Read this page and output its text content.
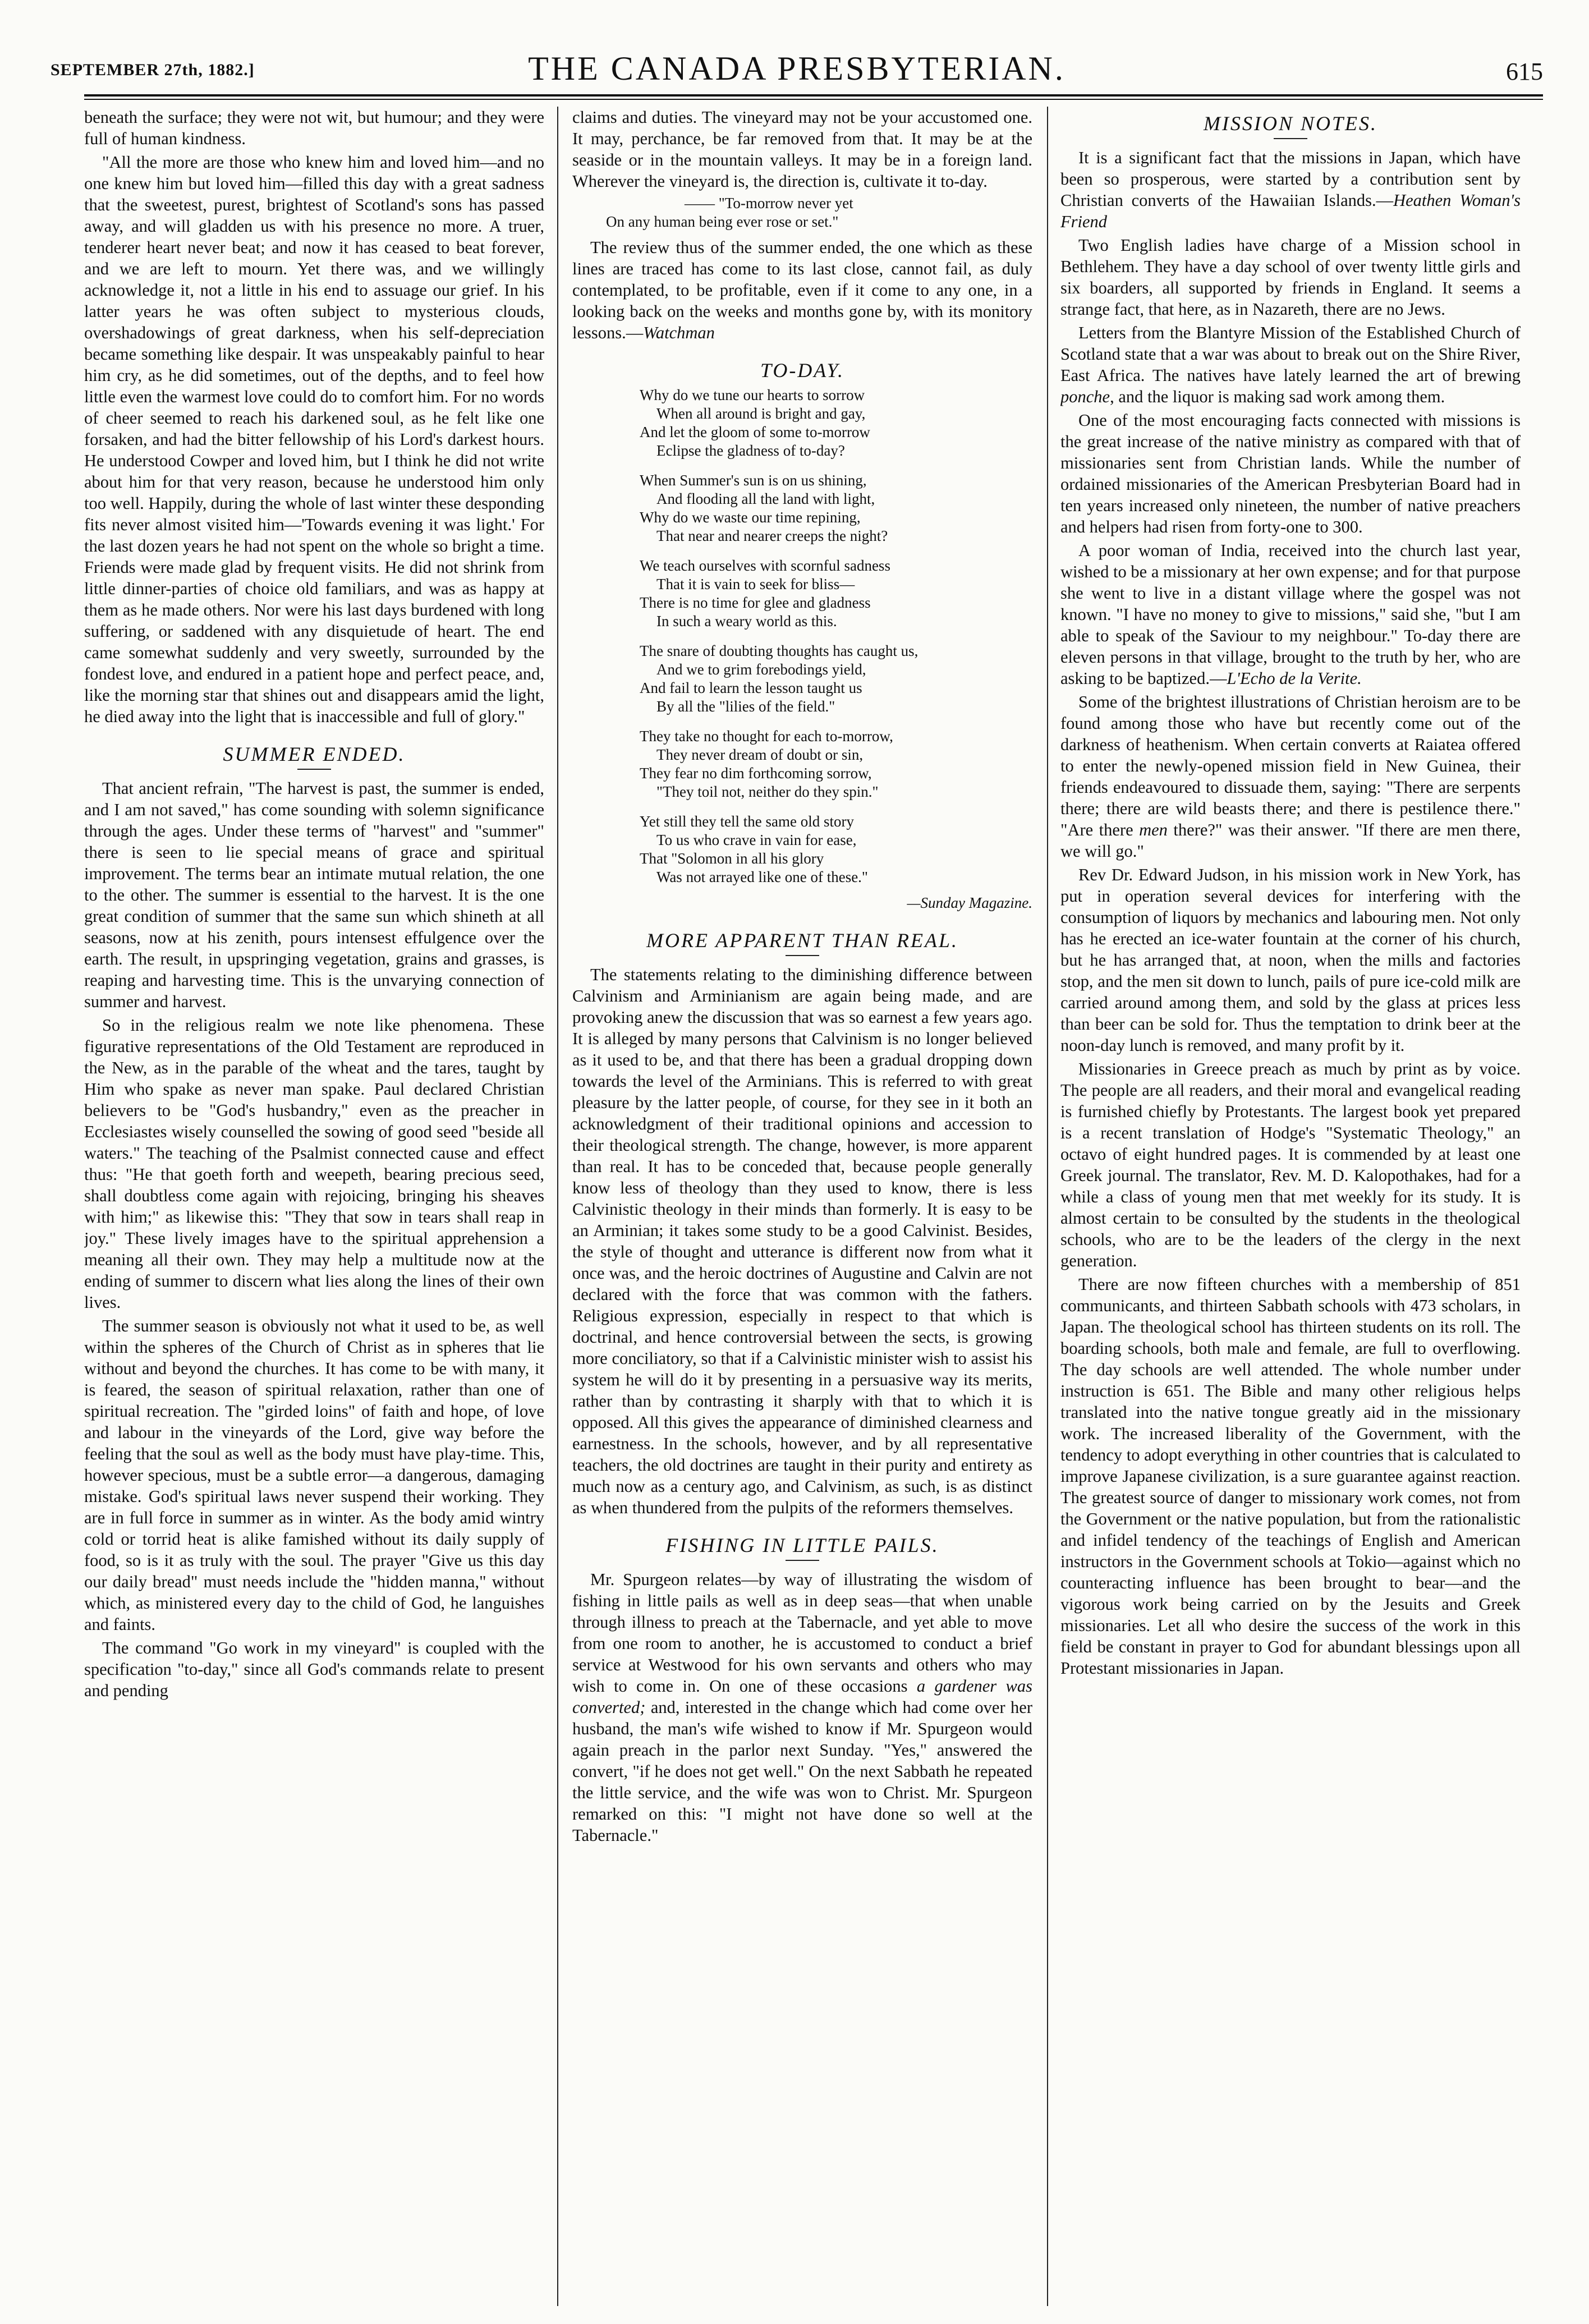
SEPTEMBER 27th, 1882.]	THE CANADA PRESBYTERIAN.	615

beneath the surface; they were not wit, but humour; and they were full of human kindness.

"All the more are those who knew him and loved him—and no one knew him but loved him—filled this day with a great sadness that the sweetest, purest, brightest of Scotland's sons has passed away, and will gladden us with his presence no more. A truer, tenderer heart never beat; and now it has ceased to beat forever, and we are left to mourn. Yet there was, and we willingly acknowledge it, not a little in his end to assuage our grief. In his latter years he was often subject to mysterious clouds, overshadowings of great darkness, when his self-depreciation became something like despair. It was unspeakably painful to hear him cry, as he did sometimes, out of the depths, and to feel how little even the warmest love could do to comfort him. For no words of cheer seemed to reach his darkened soul, as he felt like one forsaken, and had the bitter fellowship of his Lord's darkest hours. He understood Cowper and loved him, but I think he did not write about him for that very reason, because he understood him only too well. Happily, during the whole of last winter these desponding fits never almost visited him—'Towards evening it was light.' For the last dozen years he had not spent on the whole so bright a time. Friends were made glad by frequent visits. He did not shrink from little dinner-parties of choice old familiars, and was as happy at them as he made others. Nor were his last days burdened with long suffering, or saddened with any disquietude of heart. The end came somewhat suddenly and very sweetly, surrounded by the fondest love, and endured in a patient hope and perfect peace, and, like the morning star that shines out and disappears amid the light, he died away into the light that is inaccessible and full of glory."

SUMMER ENDED.

That ancient refrain, "The harvest is past, the summer is ended, and I am not saved," has come sounding with solemn significance through the ages. Under these terms of "harvest" and "summer" there is seen to lie special means of grace and spiritual improvement. The terms bear an intimate mutual relation, the one to the other. The summer is essential to the harvest. It is the one great condition of summer that the same sun which shineth at all seasons, now at his zenith, pours intensest effulgence over the earth. The result, in upspringing vegetation, grains and grasses, is reaping and harvesting time. This is the unvarying connection of summer and harvest.

So in the religious realm we note like phenomena. These figurative representations of the Old Testament are reproduced in the New, as in the parable of the wheat and the tares, taught by Him who spake as never man spake. Paul declared Christian believers to be "God's husbandry," even as the preacher in Ecclesiastes wisely counselled the sowing of good seed "beside all waters." The teaching of the Psalmist connected cause and effect thus: "He that goeth forth and weepeth, bearing precious seed, shall doubtless come again with rejoicing, bringing his sheaves with him;" as likewise this: "They that sow in tears shall reap in joy." These lively images have to the spiritual apprehension a meaning all their own. They may help a multitude now at the ending of summer to discern what lies along the lines of their own lives.

The summer season is obviously not what it used to be, as well within the spheres of the Church of Christ as in spheres that lie without and beyond the churches. It has come to be with many, it is feared, the season of spiritual relaxation, rather than one of spiritual recreation. The "girded loins" of faith and hope, of love and labour in the vineyards of the Lord, give way before the feeling that the soul as well as the body must have play-time. This, however specious, must be a subtle error—a dangerous, damaging mistake. God's spiritual laws never suspend their working. They are in full force in summer as in winter. As the body amid wintry cold or torrid heat is alike famished without its daily supply of food, so is it as truly with the soul. The prayer "Give us this day our daily bread" must needs include the "hidden manna," without which, as ministered every day to the child of God, he languishes and faints.

The command "Go work in my vineyard" is coupled with the specification "to-day," since all God's commands relate to present and pending

claims and duties. The vineyard may not be your accustomed one. It may, perchance, be far removed from that. It may be at the seaside or in the mountain valleys. It may be in a foreign land. Wherever the vineyard is, the direction is, cultivate it to-day.

—— "To-morrow never yet
On any human being ever rose or set."

The review thus of the summer ended, the one which as these lines are traced has come to its last close, cannot fail, as duly contemplated, to be profitable, even if it come to any one, in a looking back on the weeks and months gone by, with its monitory lessons.—Watchman

TO-DAY.
Why do we tune our hearts to sorrow
When all around is bright and gay,
And let the gloom of some to-morrow
Eclipse the gladness of to-day?
When Summer's sun is on us shining,
And flooding all the land with light,
Why do we waste our time repining,
That near and nearer creeps the night?
We teach ourselves with scornful sadness
That it is vain to seek for bliss—
There is no time for glee and gladness
In such a weary world as this.
The snare of doubting thoughts has caught us,
And we to grim forebodings yield,
And fail to learn the lesson taught us
By all the "lilies of the field."
They take no thought for each to-morrow,
They never dream of doubt or sin,
They fear no dim forthcoming sorrow,
"They toil not, neither do they spin."
Yet still they tell the same old story
To us who crave in vain for ease,
That "Solomon in all his glory
Was not arrayed like one of these."
—Sunday Magazine.
MORE APPARENT THAN REAL.

The statements relating to the diminishing difference between Calvinism and Arminianism are again being made, and are provoking anew the discussion that was so earnest a few years ago. It is alleged by many persons that Calvinism is no longer believed as it used to be, and that there has been a gradual dropping down towards the level of the Arminians. This is referred to with great pleasure by the latter people, of course, for they see in it both an acknowledgment of their traditional opinions and accession to their theological strength. The change, however, is more apparent than real. It has to be conceded that, because people generally know less of theology than they used to know, there is less Calvinistic theology in their minds than formerly. It is easy to be an Arminian; it takes some study to be a good Calvinist. Besides, the style of thought and utterance is different now from what it once was, and the heroic doctrines of Augustine and Calvin are not declared with the force that was common with the fathers. Religious expression, especially in respect to that which is doctrinal, and hence controversial between the sects, is growing more conciliatory, so that if a Calvinistic minister wish to assist his system he will do it by presenting in a persuasive way its merits, rather than by contrasting it sharply with that to which it is opposed. All this gives the appearance of diminished clearness and earnestness. In the schools, however, and by all representative teachers, the old doctrines are taught in their purity and entirety as much now as a century ago, and Calvinism, as such, is as distinct as when thundered from the pulpits of the reformers themselves.

FISHING IN LITTLE PAILS.

Mr. Spurgeon relates—by way of illustrating the wisdom of fishing in little pails as well as in deep seas—that when unable through illness to preach at the Tabernacle, and yet able to move from one room to another, he is accustomed to conduct a brief service at Westwood for his own servants and others who may wish to come in. On one of these occasions a gardener was converted; and, interested in the change which had come over her husband, the man's wife wished to know if Mr. Spurgeon would again preach in the parlor next Sunday. "Yes," answered the convert, "if he does not get well." On the next Sabbath he repeated the little service, and the wife was won to Christ. Mr. Spurgeon remarked on this: "I might not have done so well at the Tabernacle."

MISSION NOTES.

It is a significant fact that the missions in Japan, which have been so prosperous, were started by a contribution sent by Christian converts of the Hawaiian Islands.—Heathen Woman's Friend

Two English ladies have charge of a Mission school in Bethlehem. They have a day school of over twenty little girls and six boarders, all supported by friends in England. It seems a strange fact, that here, as in Nazareth, there are no Jews.

Letters from the Blantyre Mission of the Established Church of Scotland state that a war was about to break out on the Shire River, East Africa. The natives have lately learned the art of brewing ponche, and the liquor is making sad work among them.

One of the most encouraging facts connected with missions is the great increase of the native ministry as compared with that of missionaries sent from Christian lands. While the number of ordained missionaries of the American Presbyterian Board had in ten years increased only nineteen, the number of native preachers and helpers had risen from forty-one to 300.

A poor woman of India, received into the church last year, wished to be a missionary at her own expense; and for that purpose she went to live in a distant village where the gospel was not known. "I have no money to give to missions," said she, "but I am able to speak of the Saviour to my neighbour." To-day there are eleven persons in that village, brought to the truth by her, who are asking to be baptized.—L'Echo de la Verite.

Some of the brightest illustrations of Christian heroism are to be found among those who have but recently come out of the darkness of heathenism. When certain converts at Raiatea offered to enter the newly-opened mission field in New Guinea, their friends endeavoured to dissuade them, saying: "There are serpents there; there are wild beasts there; and there is pestilence there." "Are there men there?" was their answer. "If there are men there, we will go."

Rev Dr. Edward Judson, in his mission work in New York, has put in operation several devices for interfering with the consumption of liquors by mechanics and labouring men. Not only has he erected an ice-water fountain at the corner of his church, but he has arranged that, at noon, when the mills and factories stop, and the men sit down to lunch, pails of pure ice-cold milk are carried around among them, and sold by the glass at prices less than beer can be sold for. Thus the temptation to drink beer at the noon-day lunch is removed, and many profit by it.

Missionaries in Greece preach as much by print as by voice. The people are all readers, and their moral and evangelical reading is furnished chiefly by Protestants. The largest book yet prepared is a recent translation of Hodge's "Systematic Theology," an octavo of eight hundred pages. It is commended by at least one Greek journal. The translator, Rev. M. D. Kalopothakes, had for a while a class of young men that met weekly for its study. It is almost certain to be consulted by the students in the theological schools, who are to be the leaders of the clergy in the next generation.

There are now fifteen churches with a membership of 851 communicants, and thirteen Sabbath schools with 473 scholars, in Japan. The theological school has thirteen students on its roll. The boarding schools, both male and female, are full to overflowing. The day schools are well attended. The whole number under instruction is 651. The Bible and many other religious helps translated into the native tongue greatly aid in the missionary work. The increased liberality of the Government, with the tendency to adopt everything in other countries that is calculated to improve Japanese civilization, is a sure guarantee against reaction. The greatest source of danger to missionary work comes, not from the Government or the native population, but from the rationalistic and infidel tendency of the teachings of English and American instructors in the Government schools at Tokio—against which no counteracting influence has been brought to bear—and the vigorous work being carried on by the Jesuits and Greek missionaries. Let all who desire the success of the work in this field be constant in prayer to God for abundant blessings upon all Protestant missionaries in Japan.
